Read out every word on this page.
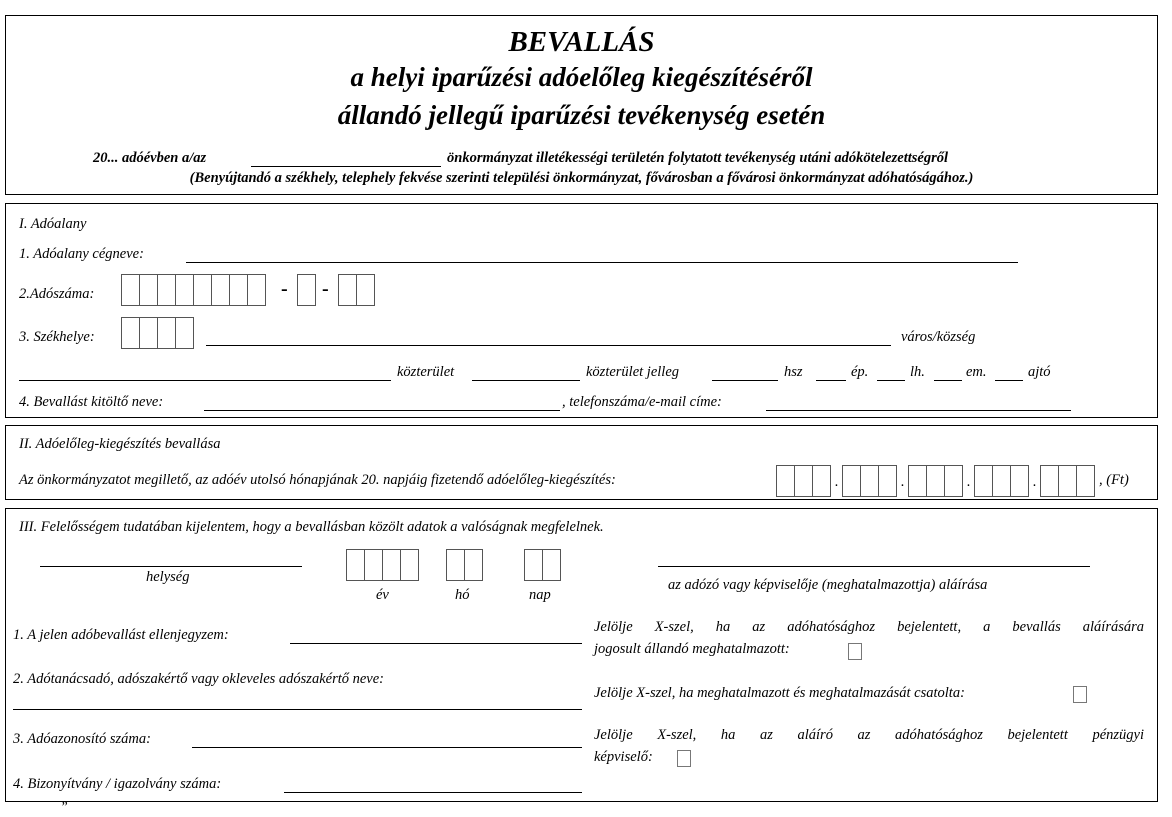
BEVALLÁS
a helyi iparűzési adóelőleg kiegészítéséről
állandó jellegű iparűzési tevékenység esetén
20... adóévben a/az	önkormányzat illetékességi területén folytatott tevékenység utáni adókötelezettségről
(Benyújtandó a székhely, telephely fekvése szerinti települési önkormányzat, fővárosban a fővárosi önkormányzat adóhatóságához.)
I. Adóalany
1. Adóalany cégneve:
2.Adószáma:	- -
3. Székhelye:	város/község
közterület	közterület jelleg	hsz	ép.	lh.	em.	ajtó
4. Bevallást kitöltő neve:	, telefonszáma/e-mail címe:
II. Adóelőleg-kiegészítés bevallása
Az önkormányzatot megillető, az adóév utolsó hónapjának 20. napjáig fizetendő adóelőleg-kiegészítés:	.	.	.	.	, (Ft)
III. Felelősségem tudatában kijelentem, hogy a bevallásban közölt adatok a valóságnak megfelelnek.
helység
év	hó	nap
az adózó vagy képviselője (meghatalmazottja) aláírása
1. A jelen adóbevallást ellenjegyzem:
2. Adótanácsadó, adószakértő vagy okleveles adószakértő neve:
3. Adóazonosító száma:
4. Bizonyítvány / igazolvány száma:
Jelölje X-szel, ha az adóhatósághoz bejelentett, a bevallás aláírására
jogosult állandó meghatalmazott:
Jelölje X-szel, ha meghatalmazott és meghatalmazását csatolta:
Jelölje X-szel, ha az aláíró az adóhatósághoz bejelentett pénzügyi
képviselő:
”
